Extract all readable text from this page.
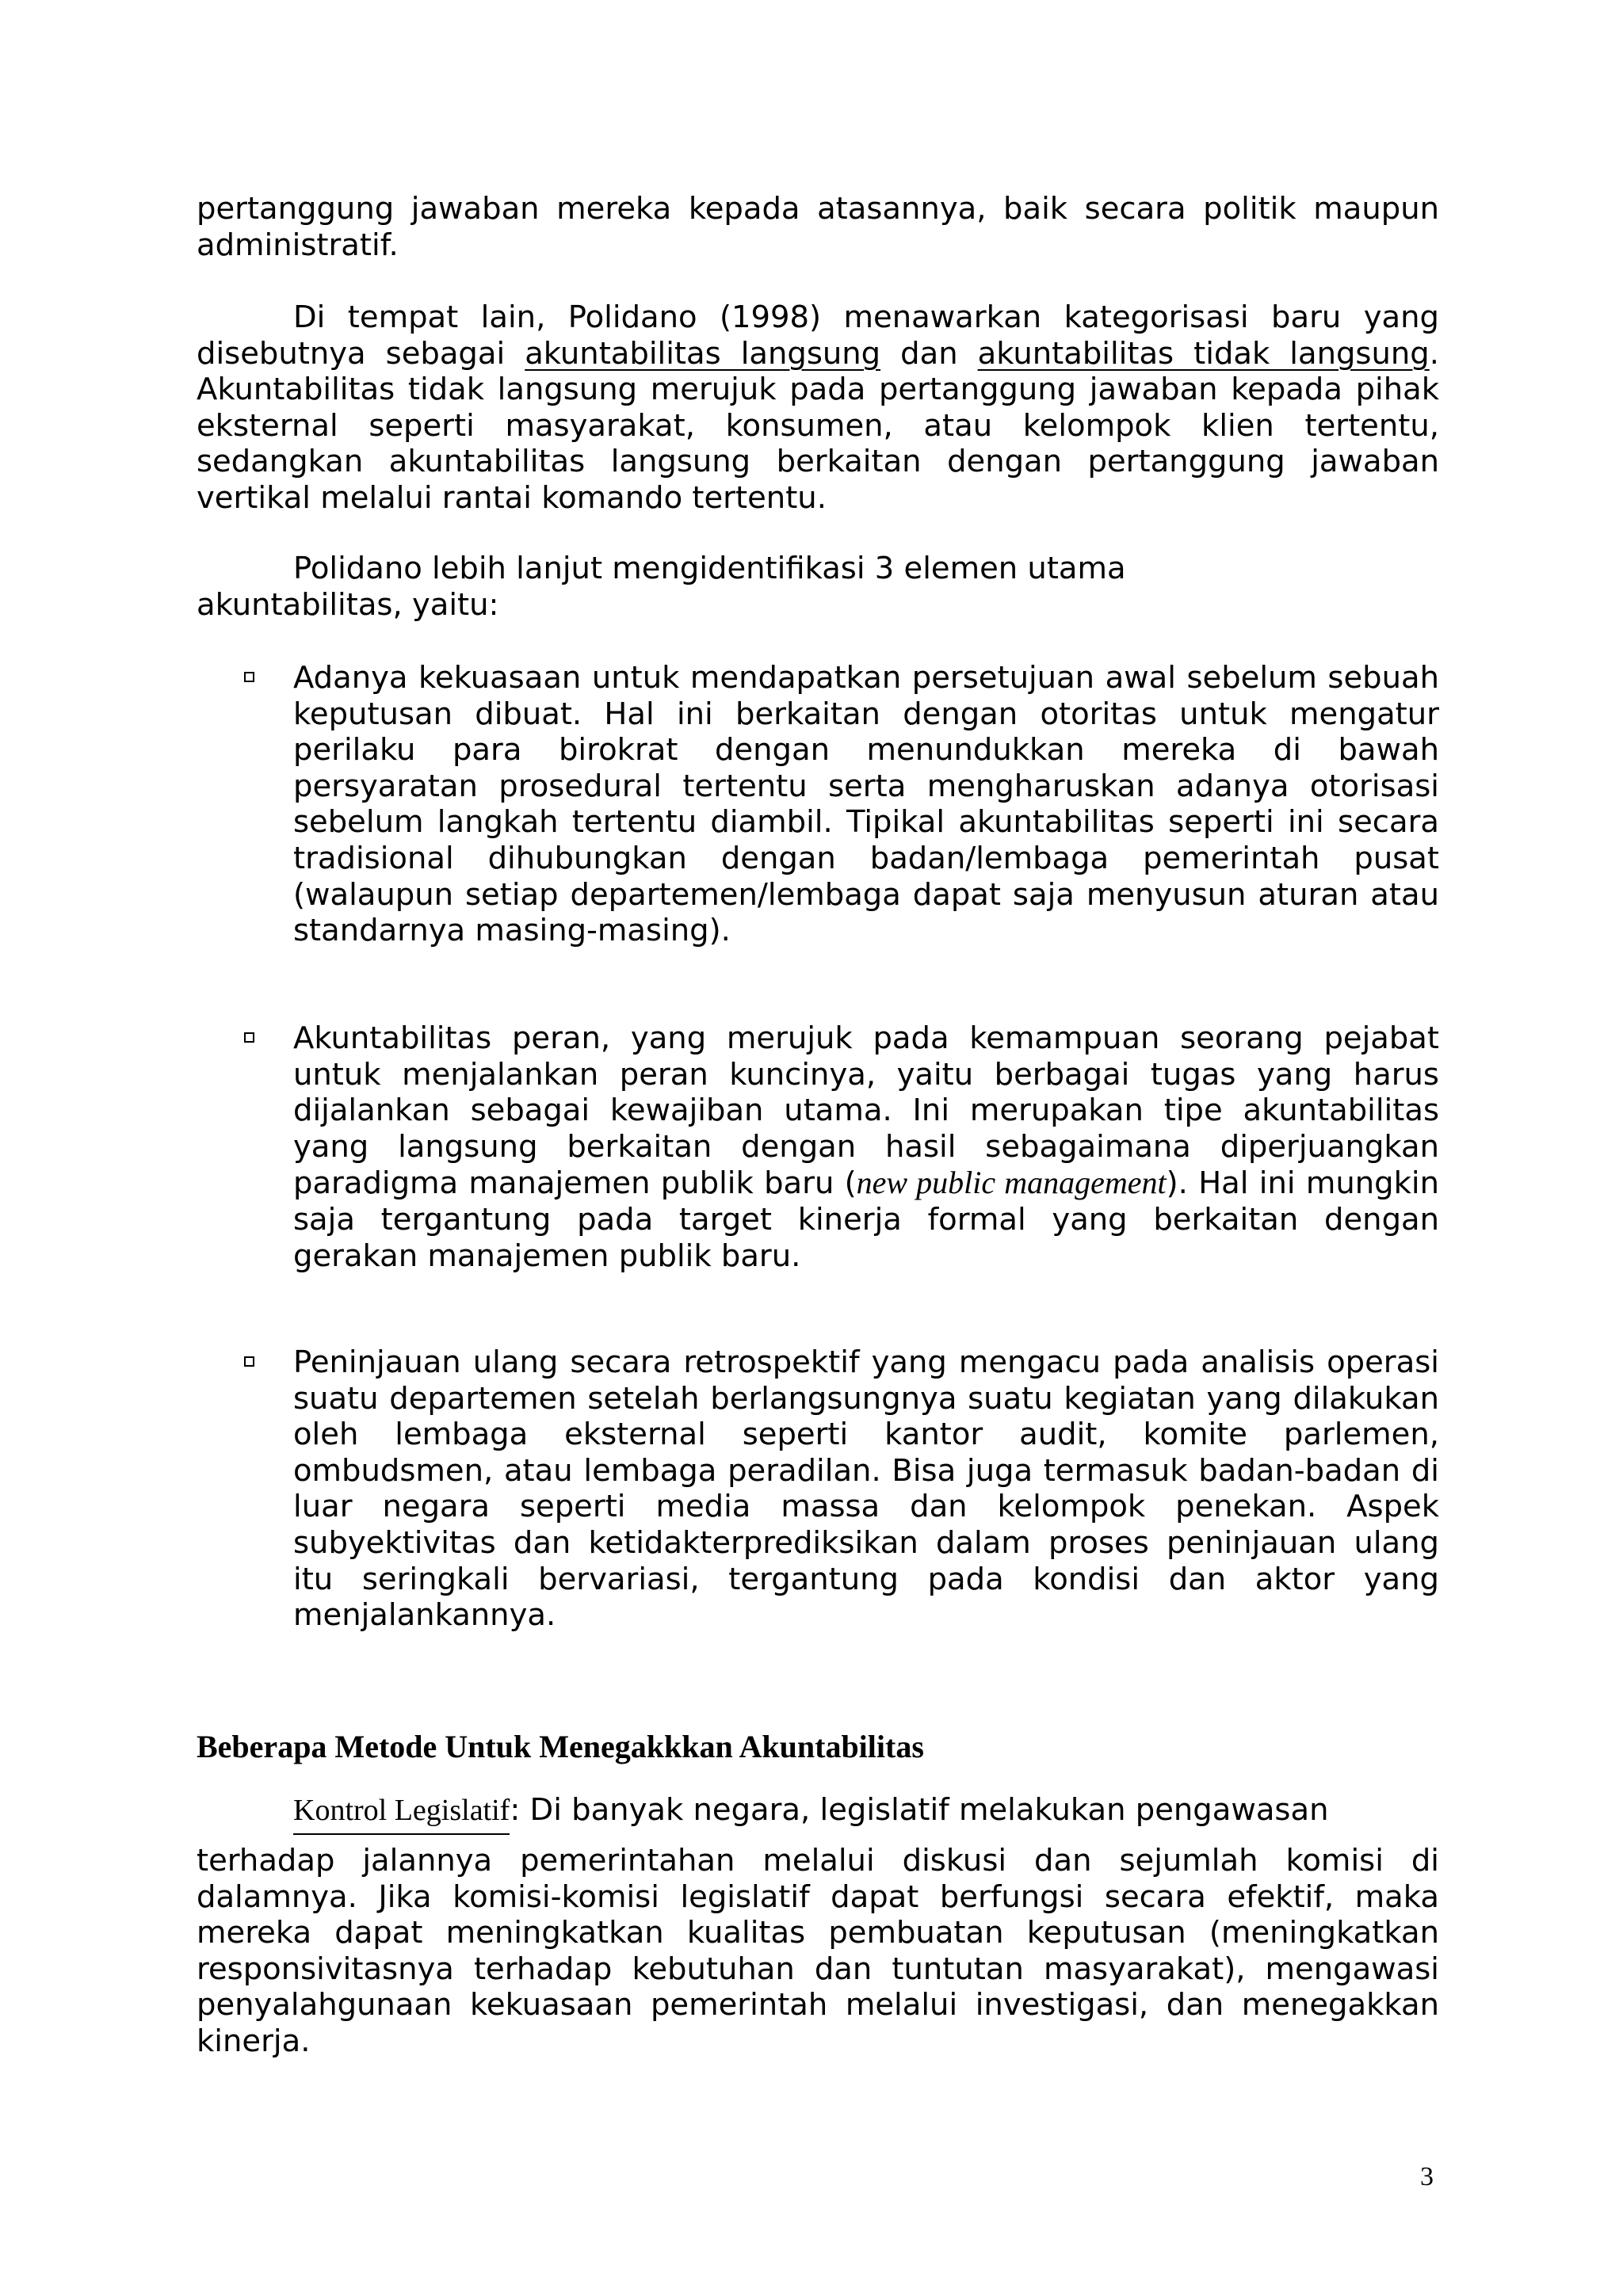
pertanggung jawaban mereka kepada atasannya, baik secara politik maupun administratif.

Di tempat lain, Polidano (1998) menawarkan kategorisasi baru yang disebutnya sebagai akuntabilitas langsung dan akuntabilitas tidak langsung. Akuntabilitas tidak langsung merujuk pada pertanggung jawaban kepada pihak eksternal seperti masyarakat, konsumen, atau kelompok klien tertentu, sedangkan akuntabilitas langsung berkaitan dengan pertanggung jawaban vertikal melalui rantai komando tertentu.

Polidano lebih lanjut mengidentifikasi 3 elemen utama
akuntabilitas, yaitu:

Adanya kekuasaan untuk mendapatkan persetujuan awal sebelum sebuah keputusan dibuat. Hal ini berkaitan dengan otoritas untuk mengatur perilaku para birokrat dengan menundukkan mereka di bawah persyaratan prosedural tertentu serta mengharuskan adanya otorisasi sebelum langkah tertentu diambil. Tipikal akuntabilitas seperti ini secara tradisional dihubungkan dengan badan/lembaga pemerintah pusat (walaupun setiap departemen/lembaga dapat saja menyusun aturan atau standarnya masing-masing).

Akuntabilitas peran, yang merujuk pada kemampuan seorang pejabat untuk menjalankan peran kuncinya, yaitu berbagai tugas yang harus dijalankan sebagai kewajiban utama. Ini merupakan tipe akuntabilitas yang langsung berkaitan dengan hasil sebagaimana diperjuangkan paradigma manajemen publik baru (new public management). Hal ini mungkin saja tergantung pada target kinerja formal yang berkaitan dengan gerakan manajemen publik baru.

Peninjauan ulang secara retrospektif yang mengacu pada analisis operasi suatu departemen setelah berlangsungnya suatu kegiatan yang dilakukan oleh lembaga eksternal seperti kantor audit, komite parlemen, ombudsmen, atau lembaga peradilan. Bisa juga termasuk badan-badan di luar negara seperti media massa dan kelompok penekan. Aspek subyektivitas dan ketidakterprediksikan dalam proses peninjauan ulang itu seringkali bervariasi, tergantung pada kondisi dan aktor yang menjalankannya.

Beberapa Metode Untuk Menegakkkan Akuntabilitas
Kontrol Legislatif: Di banyak negara, legislatif melakukan pengawasan
terhadap jalannya pemerintahan melalui diskusi dan sejumlah komisi di dalamnya. Jika komisi-komisi legislatif dapat berfungsi secara efektif, maka mereka dapat meningkatkan kualitas pembuatan keputusan (meningkatkan responsivitasnya terhadap kebutuhan dan tuntutan masyarakat), mengawasi penyalahgunaan kekuasaan pemerintah melalui investigasi, dan menegakkan kinerja.
3
